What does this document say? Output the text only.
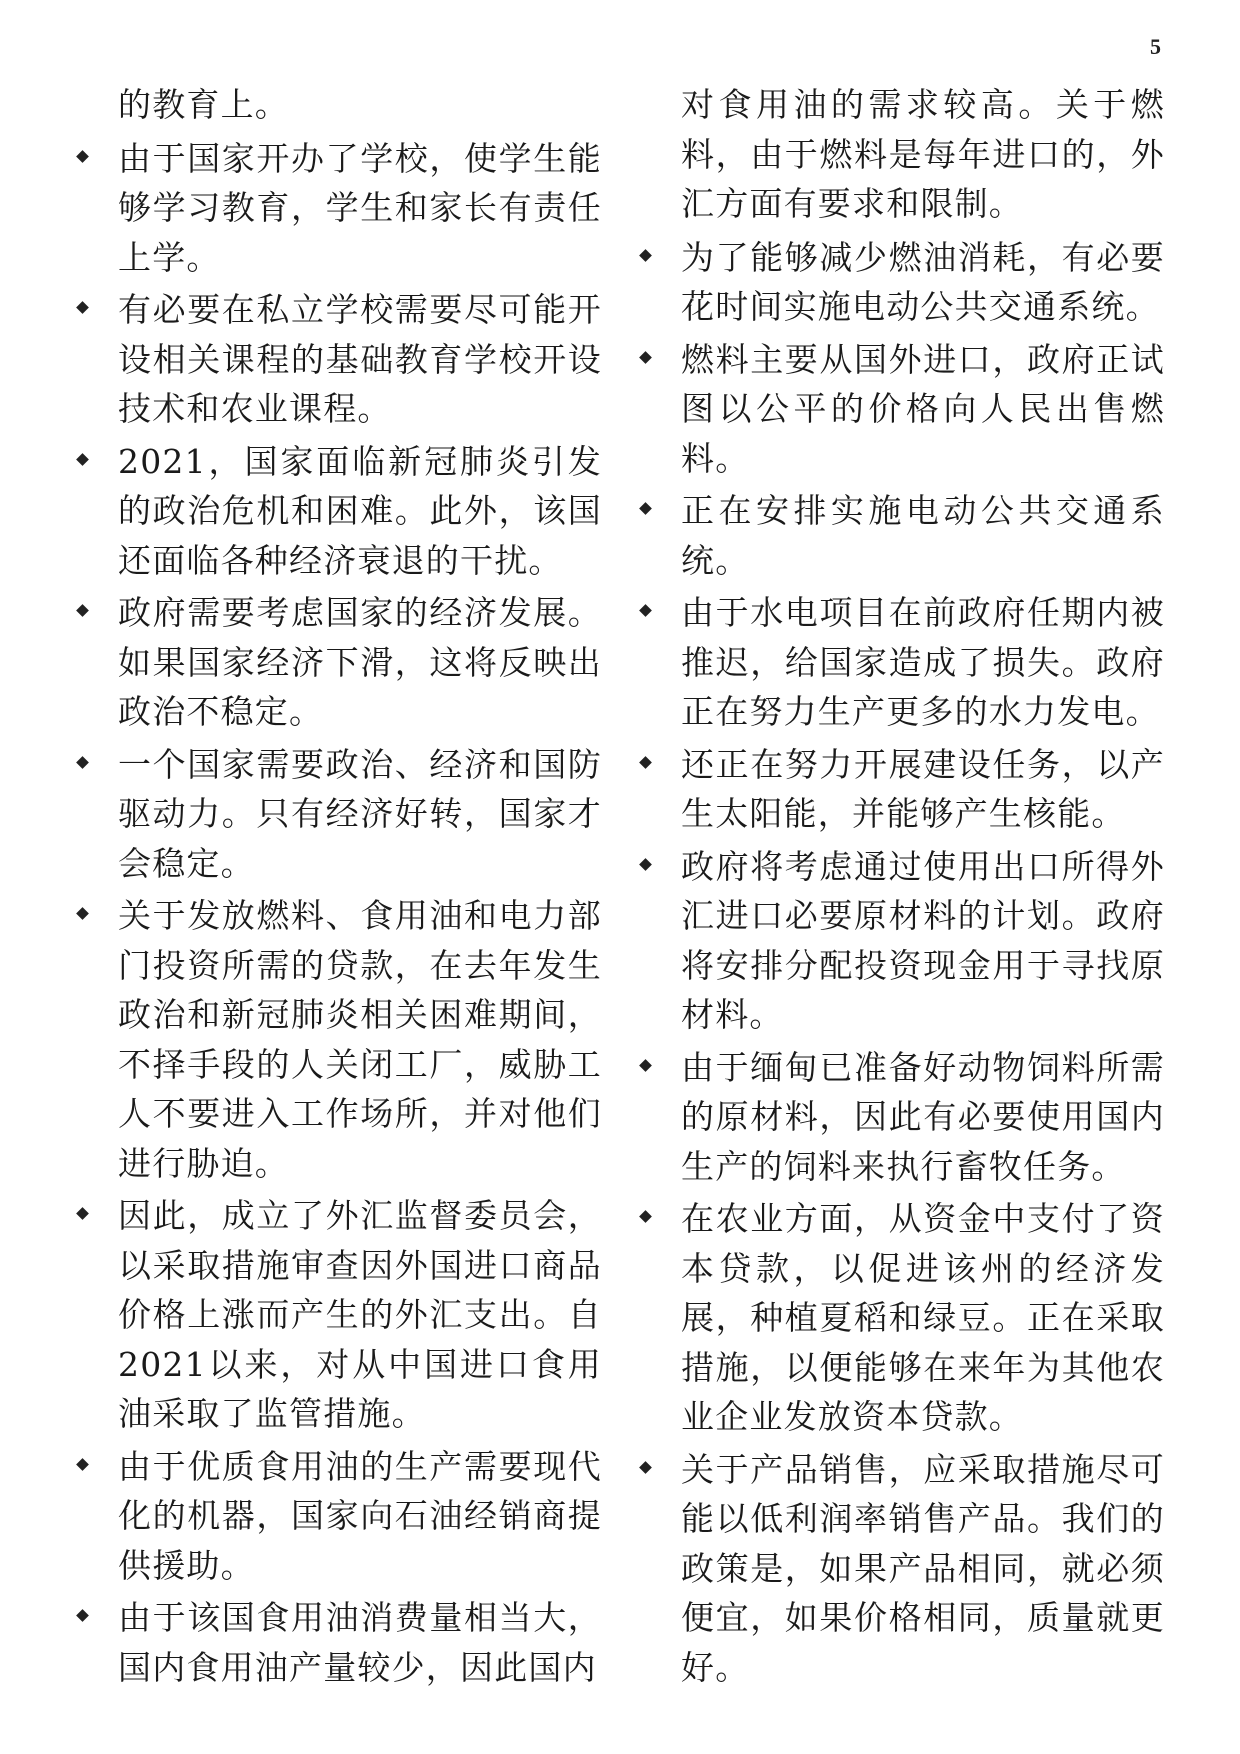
5
的教育上。
由于国家开办了学校，使学生能够学习教育，学生和家长有责任上学。
有必要在私立学校需要尽可能开设相关课程的基础教育学校开设技术和农业课程。
2021，国家面临新冠肺炎引发的政治危机和困难。此外，该国还面临各种经济衰退的干扰。
政府需要考虑国家的经济发展。如果国家经济下滑，这将反映出政治不稳定。
一个国家需要政治、经济和国防驱动力。只有经济好转，国家才会稳定。
关于发放燃料、食用油和电力部门投资所需的贷款，在去年发生政治和新冠肺炎相关困难期间，不择手段的人关闭工厂，威胁工人不要进入工作场所，并对他们进行胁迫。
因此，成立了外汇监督委员会，以采取措施审查因外国进口商品价格上涨而产生的外汇支出。自2021以来，对从中国进口食用油采取了监管措施。
由于优质食用油的生产需要现代化的机器，国家向石油经销商提供援助。
由于该国食用油消费量相当大，国内食用油产量较少，因此国内
对食用油的需求较高。关于燃料，由于燃料是每年进口的，外汇方面有要求和限制。
为了能够减少燃油消耗，有必要花时间实施电动公共交通系统。
燃料主要从国外进口，政府正试图以公平的价格向人民出售燃料。
正在安排实施电动公共交通系统。
由于水电项目在前政府任期内被推迟，给国家造成了损失。政府正在努力生产更多的水力发电。
还正在努力开展建设任务，以产生太阳能，并能够产生核能。
政府将考虑通过使用出口所得外汇进口必要原材料的计划。政府将安排分配投资现金用于寻找原材料。
由于缅甸已准备好动物饲料所需的原材料，因此有必要使用国内生产的饲料来执行畜牧任务。
在农业方面，从资金中支付了资本贷款，以促进该州的经济发展，种植夏稻和绿豆。正在采取措施，以便能够在来年为其他农业企业发放资本贷款。
关于产品销售，应采取措施尽可能以低利润率销售产品。我们的政策是，如果产品相同，就必须便宜，如果价格相同，质量就更好。
